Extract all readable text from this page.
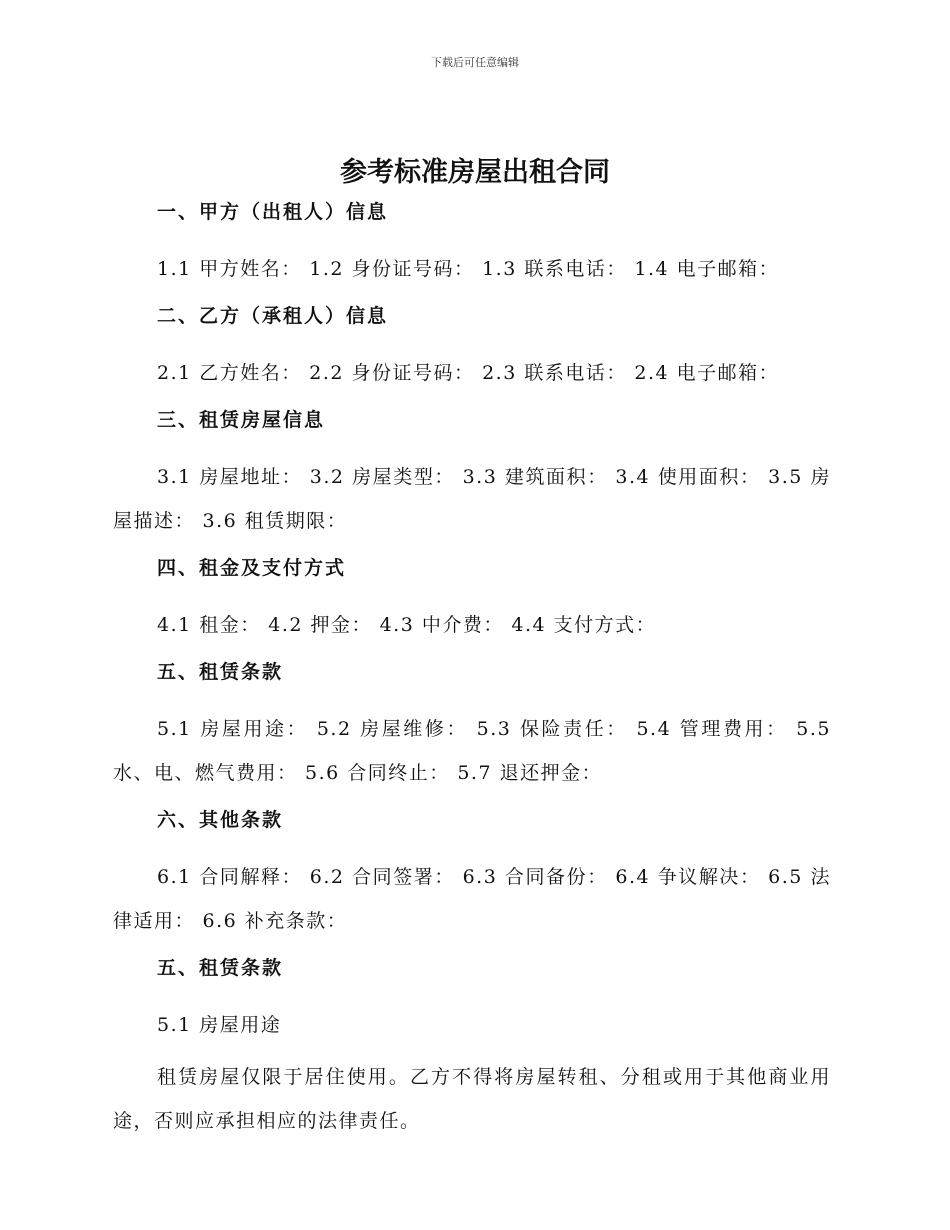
下载后可任意编辑
参考标准房屋出租合同
一、甲方（出租人）信息

1.1 甲方姓名： 1.2 身份证号码： 1.3 联系电话： 1.4 电子邮箱：

二、乙方（承租人）信息

2.1 乙方姓名： 2.2 身份证号码： 2.3 联系电话： 2.4 电子邮箱：

三、租赁房屋信息

3.1 房屋地址： 3.2 房屋类型： 3.3 建筑面积： 3.4 使用面积： 3.5 房屋描述： 3.6 租赁期限：

四、租金及支付方式

4.1 租金： 4.2 押金： 4.3 中介费： 4.4 支付方式：

五、租赁条款

5.1 房屋用途： 5.2 房屋维修： 5.3 保险责任： 5.4 管理费用： 5.5 水、电、燃气费用： 5.6 合同终止： 5.7 退还押金：

六、其他条款

6.1 合同解释： 6.2 合同签署： 6.3 合同备份： 6.4 争议解决： 6.5 法律适用： 6.6 补充条款：

五、租赁条款

5.1 房屋用途

租赁房屋仅限于居住使用。乙方不得将房屋转租、分租或用于其他商业用途，否则应承担相应的法律责任。
